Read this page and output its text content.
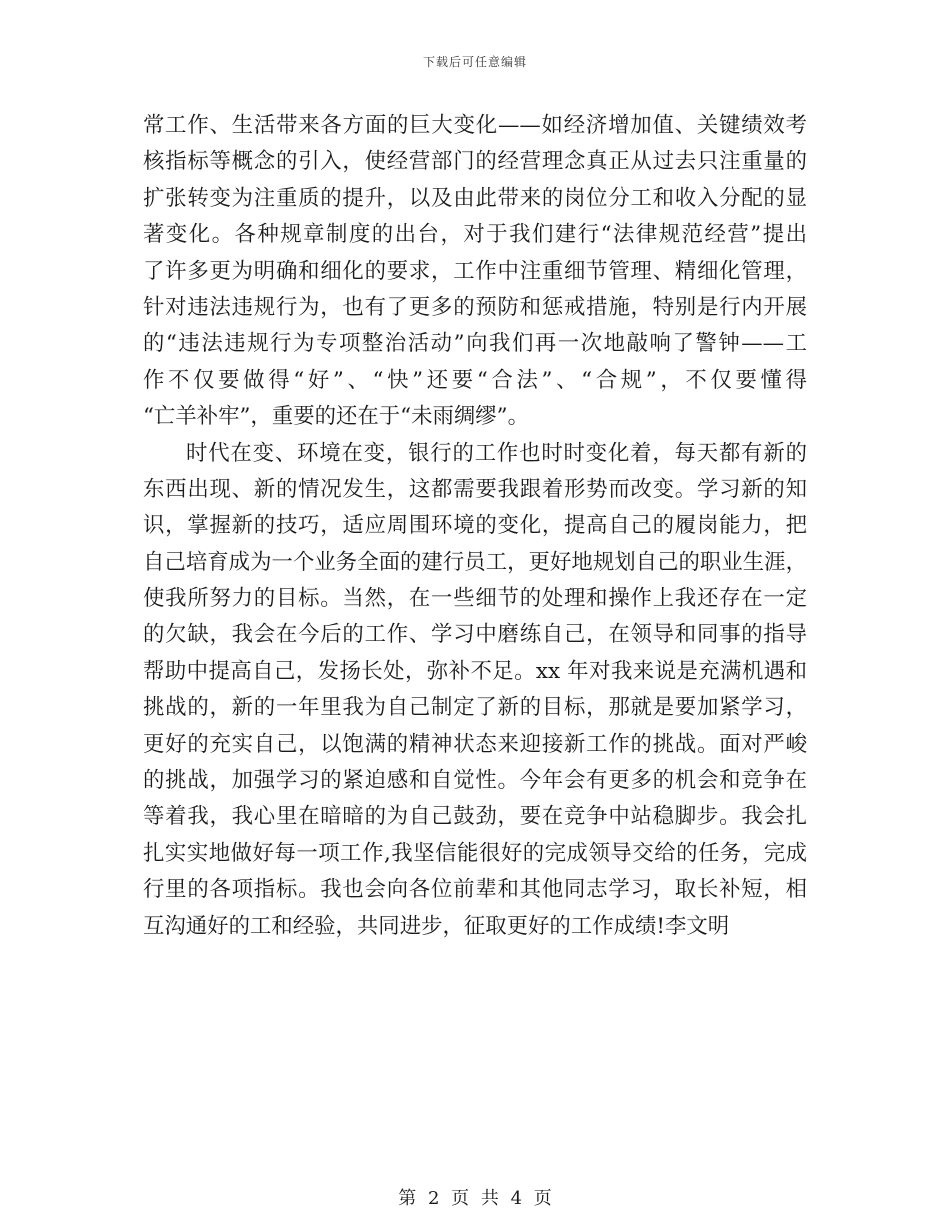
下载后可任意编辑
常工作、生活带来各方面的巨大变化——如经济增加值、关键绩效考
核指标等概念的引入，使经营部门的经营理念真正从过去只注重量的
扩张转变为注重质的提升，以及由此带来的岗位分工和收入分配的显
著变化。各种规章制度的出台，对于我们建行“法律规范经营”提出
了许多更为明确和细化的要求，工作中注重细节管理、精细化管理，
针对违法违规行为，也有了更多的预防和惩戒措施，特别是行内开展
的“违法违规行为专项整治活动”向我们再一次地敲响了警钟——工
作不仅要做得“好”、“快”还要“合法”、“合规”，不仅要懂得
“亡羊补牢”，重要的还在于“未雨绸缪”。
时代在变、环境在变，银行的工作也时时变化着，每天都有新的
东西出现、新的情况发生，这都需要我跟着形势而改变。学习新的知
识，掌握新的技巧，适应周围环境的变化，提高自己的履岗能力，把
自己培育成为一个业务全面的建行员工，更好地规划自己的职业生涯，
使我所努力的目标。当然，在一些细节的处理和操作上我还存在一定
的欠缺，我会在今后的工作、学习中磨练自己，在领导和同事的指导
帮助中提高自己，发扬长处，弥补不足。xx 年对我来说是充满机遇和
挑战的，新的一年里我为自己制定了新的目标，那就是要加紧学习，
更好的充实自己，以饱满的精神状态来迎接新工作的挑战。面对严峻
的挑战，加强学习的紧迫感和自觉性。今年会有更多的机会和竞争在
等着我，我心里在暗暗的为自己鼓劲，要在竞争中站稳脚步。我会扎
扎实实地做好每一项工作,我坚信能很好的完成领导交给的任务，完成
行里的各项指标。我也会向各位前辈和其他同志学习，取长补短，相
互沟通好的工和经验，共同进步，征取更好的工作成绩!李文明
第 2 页 共 4 页
